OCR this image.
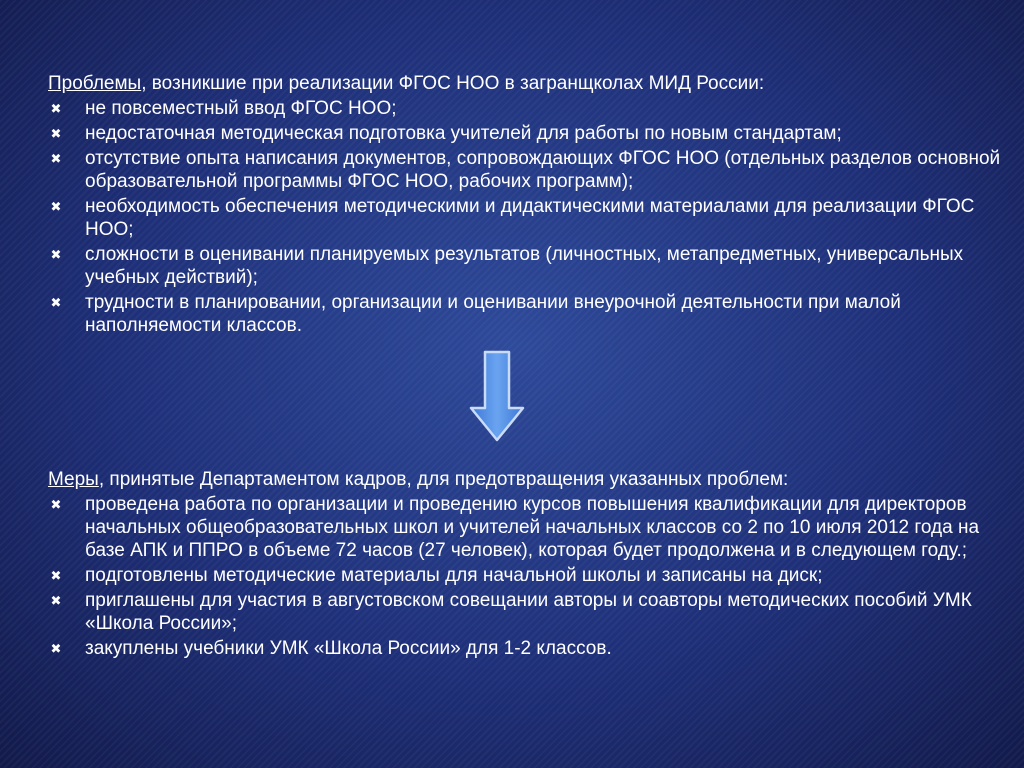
Проблемы, возникшие при реализации ФГОС НОО в загранщколах МИД России:

✖ не повсеместный ввод ФГОС НОО;
✖ недостаточная методическая подготовка учителей для работы по новым стандартам;
✖ отсутствие опыта написания документов, сопровождающих ФГОС НОО (отдельных разделов основной образовательной программы ФГОС НОО, рабочих программ);
✖ необходимость обеспечения методическими и дидактическими материалами для реализации ФГОС НОО;
✖ сложности в оценивании планируемых результатов (личностных, метапредметных, универсальных учебных действий);
✖ трудности в планировании, организации и оценивании внеурочной деятельности при малой наполняемости классов.

Меры, принятые Департаментом кадров, для предотвращения указанных проблем:

✖ проведена работа по организации и проведению курсов повышения квалификации для директоров начальных общеобразовательных школ и учителей начальных классов со 2 по 10 июля 2012 года на базе АПК и ППРО в объеме 72 часов (27 человек), которая будет продолжена и в следующем году.;
✖ подготовлены методические материалы для начальной школы и записаны на диск;
✖ приглашены для участия в августовском совещании авторы и соавторы методических пособий УМК «Школа России»;
✖ закуплены учебники УМК «Школа России» для 1-2 классов.
